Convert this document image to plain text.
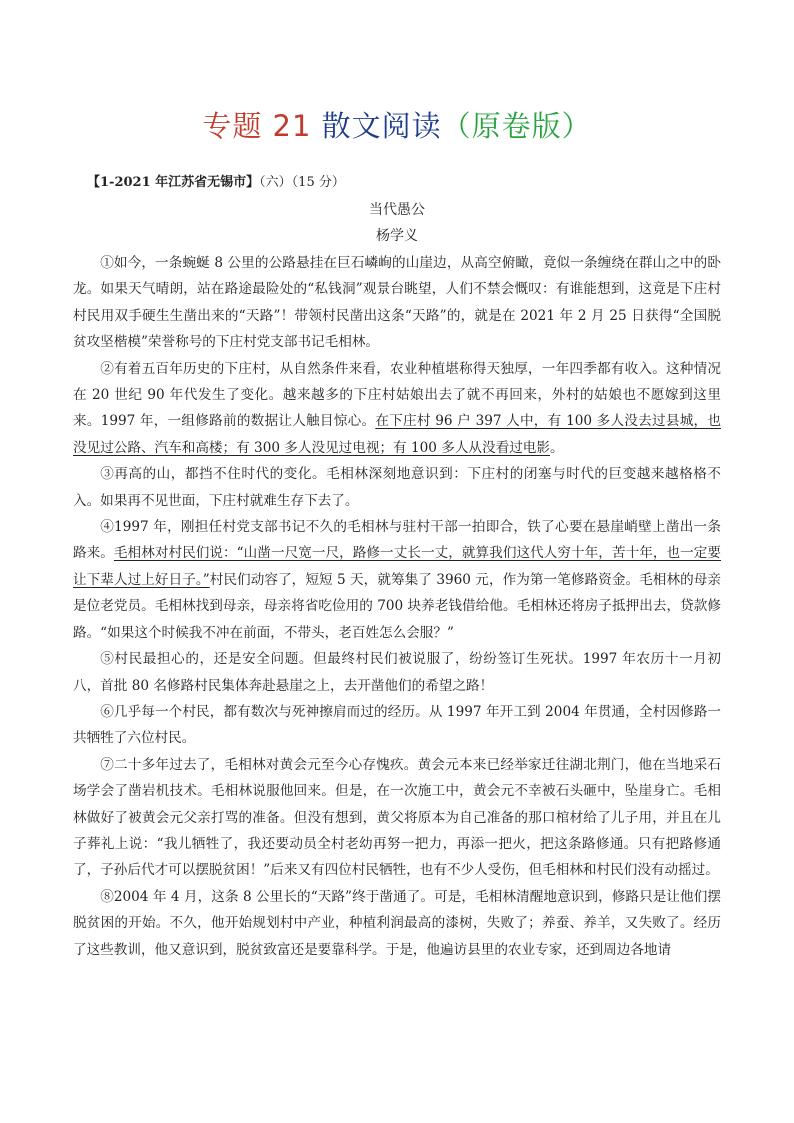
专题 21 散文阅读（原卷版）
【1-2021 年江苏省无锡市】（六）（15 分）
当代愚公
杨学义

①如今，一条蜿蜒 8 公里的公路悬挂在巨石嶙峋的山崖边，从高空俯瞰，竟似一条缠绕在群山之中的卧龙。如果天气晴朗，站在路途最险处的“私钱洞”观景台眺望，人们不禁会慨叹：有谁能想到，这竟是下庄村村民用双手硬生生凿出来的“天路”！带领村民凿出这条“天路”的，就是在 2021 年 2 月 25 日获得“全国脱贫攻坚楷模”荣誉称号的下庄村党支部书记毛相林。

②有着五百年历史的下庄村，从自然条件来看，农业种植堪称得天独厚，一年四季都有收入。这种情况在 20 世纪 90 年代发生了变化。越来越多的下庄村姑娘出去了就不再回来，外村的姑娘也不愿嫁到这里来。1997 年，一组修路前的数据让人触目惊心。在下庄村 96 户 397 人中，有 100 多人没去过县城，也没见过公路、汽车和高楼；有 300 多人没见过电视；有 100 多人从没看过电影。

③再高的山，都挡不住时代的变化。毛相林深刻地意识到：下庄村的闭塞与时代的巨变越来越格格不入。如果再不见世面，下庄村就难生存下去了。

④1997 年，刚担任村党支部书记不久的毛相林与驻村干部一拍即合，铁了心要在悬崖峭壁上凿出一条路来。毛相林对村民们说：“山凿一尺宽一尺，路修一丈长一丈，就算我们这代人穷十年，苦十年，也一定要让下辈人过上好日子。”村民们动容了，短短 5 天，就筹集了 3960 元，作为第一笔修路资金。毛相林的母亲是位老党员。毛相林找到母亲，母亲将省吃俭用的 700 块养老钱借给他。毛相林还将房子抵押出去，贷款修路。“如果这个时候我不冲在前面，不带头，老百姓怎么会服？”

⑤村民最担心的，还是安全问题。但最终村民们被说服了，纷纷签订生死状。1997 年农历十一月初八，首批 80 名修路村民集体奔赴悬崖之上，去开凿他们的希望之路！

⑥几乎每一个村民，都有数次与死神擦肩而过的经历。从 1997 年开工到 2004 年贯通，全村因修路一共牺牲了六位村民。

⑦二十多年过去了，毛相林对黄会元至今心存愧疚。黄会元本来已经举家迁往湖北荆门，他在当地采石场学会了凿岩机技术。毛相林说服他回来。但是，在一次施工中，黄会元不幸被石头砸中，坠崖身亡。毛相林做好了被黄会元父亲打骂的准备。但没有想到，黄父将原本为自己准备的那口棺材给了儿子用，并且在儿子葬礼上说：“我儿牺牲了，我还要动员全村老幼再努一把力，再添一把火，把这条路修通。只有把路修通了，子孙后代才可以摆脱贫困！”后来又有四位村民牺牲，也有不少人受伤，但毛相林和村民们没有动摇过。

⑧2004 年 4 月，这条 8 公里长的“天路”终于凿通了。可是，毛相林清醒地意识到，修路只是让他们摆脱贫困的开始。不久，他开始规划村中产业，种植利润最高的漆树，失败了；养蚕、养羊，又失败了。经历了这些教训，他又意识到，脱贫致富还是要靠科学。于是，他遍访县里的农业专家，还到周边各地请
